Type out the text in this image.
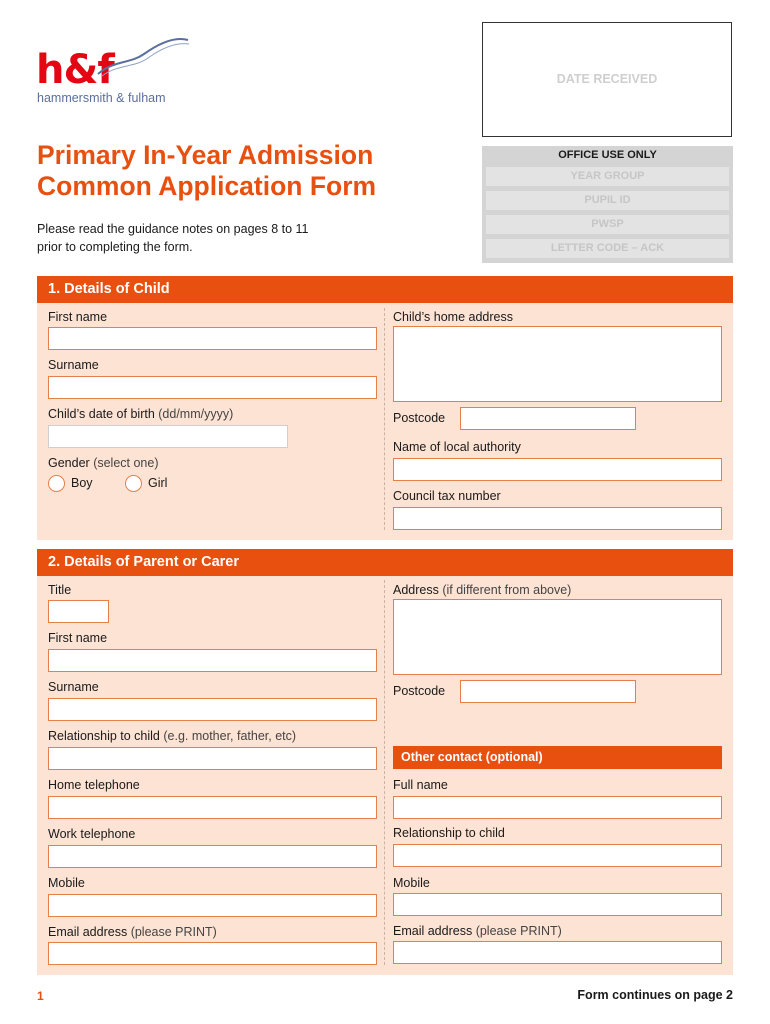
h&f
hammersmith & fulham
Primary In-Year Admission
Common Application Form
Please read the guidance notes on pages 8 to 11
prior to completing the form.
DATE RECEIVED
OFFICE USE ONLY
YEAR GROUP
PUPIL ID
PWSP
LETTER CODE – ACK
1. Details of Child
First name
Surname
Child’s date of birth (dd/mm/yyyy)
Gender (select one)
Boy	Girl
Child’s home address
Postcode
Name of local authority
Council tax number
2. Details of Parent or Carer
Title
First name
Surname
Relationship to child (e.g. mother, father, etc)
Home telephone
Work telephone
Mobile
Email address (please PRINT)
Address (if different from above)
Postcode
Other contact (optional)
Full name
Relationship to child
Mobile
Email address (please PRINT)
1	Form continues on page 2
